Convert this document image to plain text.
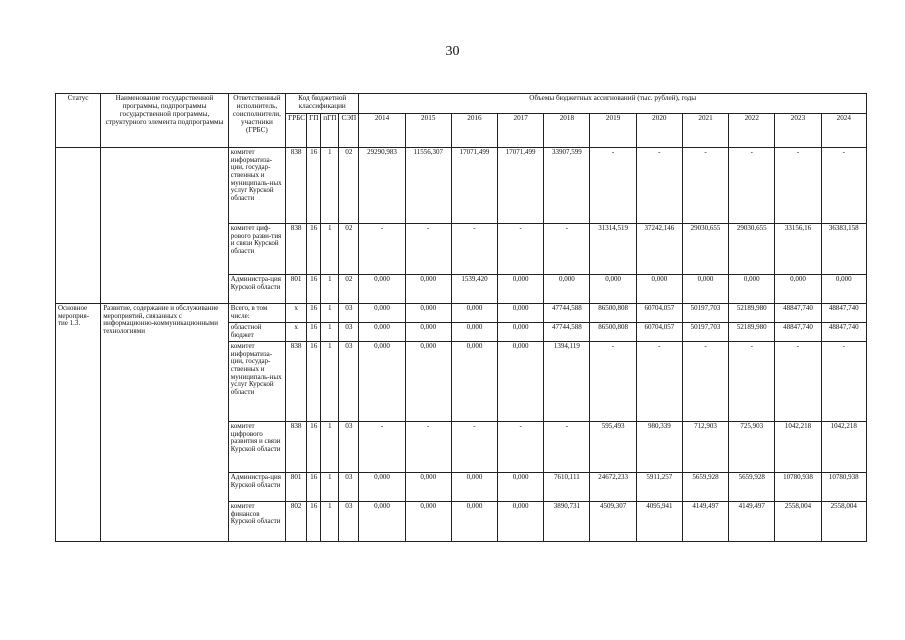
30
Статус	Наименование государственной программы, подпрограммы государственной программы, структурного элемента подпрограммы	Ответственный исполнитель, соисполнители, участники (ГРБС)	Код бюджетной классификации				Объемы бюджетных ассигнований (тыс. рублей), годы										
			ГРБС	ГП	пГП	СЭП	2014	2015	2016	2017	2018	2019	2020	2021	2022	2023	2024
		комитет информатиза-ции, государ-ственных и муниципаль-ных услуг Курской области	838	16	1	02	29290,983	11556,307	17071,499	17071,499	33907,599	-	-	-	-	-	-
		комитет циф-рового разви-тия и связи Курской области	838	16	1	02	-	-	-	-	-	31314,519	37242,146	29030,655	29030,655	33156,16	36383,158
		Администра-ция Курской области	801	16	1	02	0,000	0,000	1539,420	0,000	0,000	0,000	0,000	0,000	0,000	0,000	0,000
Основное мероприя-тие 1.3.	Развитие, содержание и обслуживание мероприятий, связанных с информационно-коммуникационными технологиями	Всего, в том числе:	х	16	1	03	0,000	0,000	0,000	0,000	47744,588	86500,808	60704,057	50197,703	52189,980	48847,740	48847,740
		областной бюджет	х	16	1	03	0,000	0,000	0,000	0,000	47744,588	86500,808	60704,057	50197,703	52189,980	48847,740	48847,740
		комитет информатиза-ции, государ-ственных и муниципаль-ных услуг Курской области	838	16	1	03	0,000	0,000	0,000	0,000	1394,119	-	-	-	-	-	-
		комитет цифрового развития и связи Курской области	838	16	1	03	-	-	-	-	-	595,493	980,339	712,903	725,903	1042,218	1042,218
		Администра-ция Курской области	801	16	1	03	0,000	0,000	0,000	0,000	7610,111	24672,233	5911,257	5659,928	5659,928	10780,938	10780,938
		комитет финансов Курской области	802	16	1	03	0,000	0,000	0,000	0,000	3890,731	4509,307	4095,941	4149,497	4149,497	2558,004	2558,004
